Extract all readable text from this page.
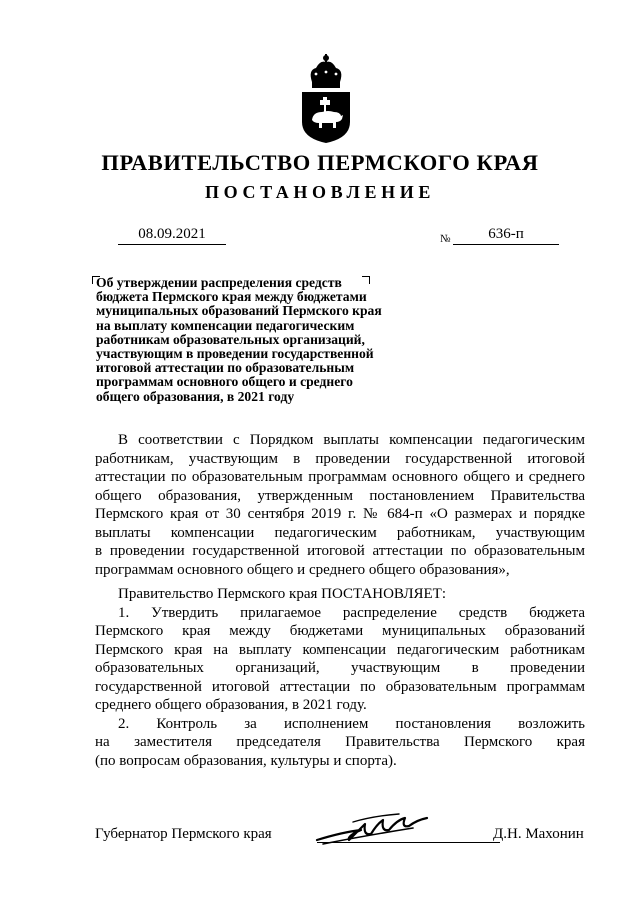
ПРАВИТЕЛЬСТВО ПЕРМСКОГО КРАЯ
ПОСТАНОВЛЕНИЕ
08.09.2021	№	636-п
Об утверждении распределения средств
бюджета Пермского края между бюджетами
муниципальных образований Пермского края
на выплату компенсации педагогическим
работникам образовательных организаций,
участвующим в проведении государственной
итоговой аттестации по образовательным
программам основного общего и среднего
общего образования, в 2021 году
В соответствии с Порядком выплаты компенсации педагогическим
работникам, участвующим в проведении государственной итоговой
аттестации по образовательным программам основного общего и среднего
общего образования, утвержденным постановлением Правительства
Пермского края от 30 сентября 2019 г. № 684-п «О размерах и порядке
выплаты компенсации педагогическим работникам, участвующим
в проведении государственной итоговой аттестации по образовательным
программам основного общего и среднего общего образования»,
Правительство Пермского края ПОСТАНОВЛЯЕТ:
1. Утвердить прилагаемое распределение средств бюджета
Пермского края между бюджетами муниципальных образований
Пермского края на выплату компенсации педагогическим работникам
образовательных организаций, участвующим в проведении
государственной итоговой аттестации по образовательным программам
среднего общего образования, в 2021 году.
2. Контроль за исполнением постановления возложить
на заместителя председателя Правительства Пермского края
(по вопросам образования, культуры и спорта).
Губернатор Пермского края	Д.Н. Махонин
